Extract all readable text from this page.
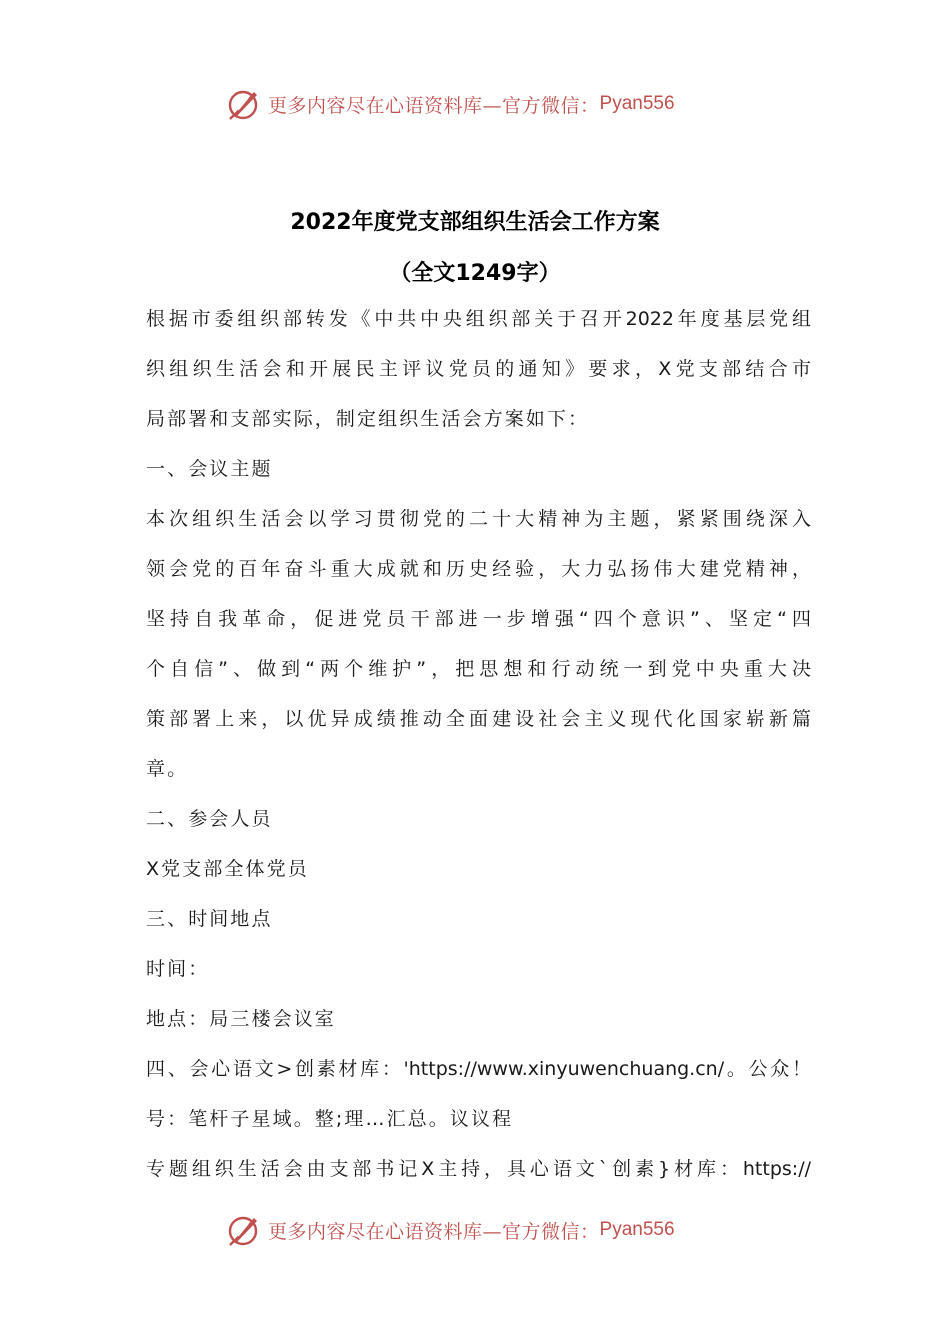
更多内容尽在心语资料库—官方微信： Pyan556
2022年度党支部组织生活会工作方案
（全文1249字）
根据市委组织部转发《中共中央组织部关于召开2022年度基层党组
织组织生活会和开展民主评议党员的通知》要求，X党支部结合市
局部署和支部实际，制定组织生活会方案如下：
一、会议主题
本次组织生活会以学习贯彻党的二十大精神为主题，紧紧围绕深入
领会党的百年奋斗重大成就和历史经验，大力弘扬伟大建党精神，
坚持自我革命，促进党员干部进一步增强“四个意识”、坚定“四
个自信”、做到“两个维护”，把思想和行动统一到党中央重大决
策部署上来，以优异成绩推动全面建设社会主义现代化国家崭新篇
章。
二、参会人员
X党支部全体党员
三、时间地点
时间：
地点：局三楼会议室
四、会心语文>创素材库：'https://www.xinyuwenchuang.cn/。公众！
号：笔杆子星域。整;理…汇总。议议程
专题组织生活会由支部书记X主持，具心语文`创素}材库：https://
更多内容尽在心语资料库—官方微信： Pyan556
